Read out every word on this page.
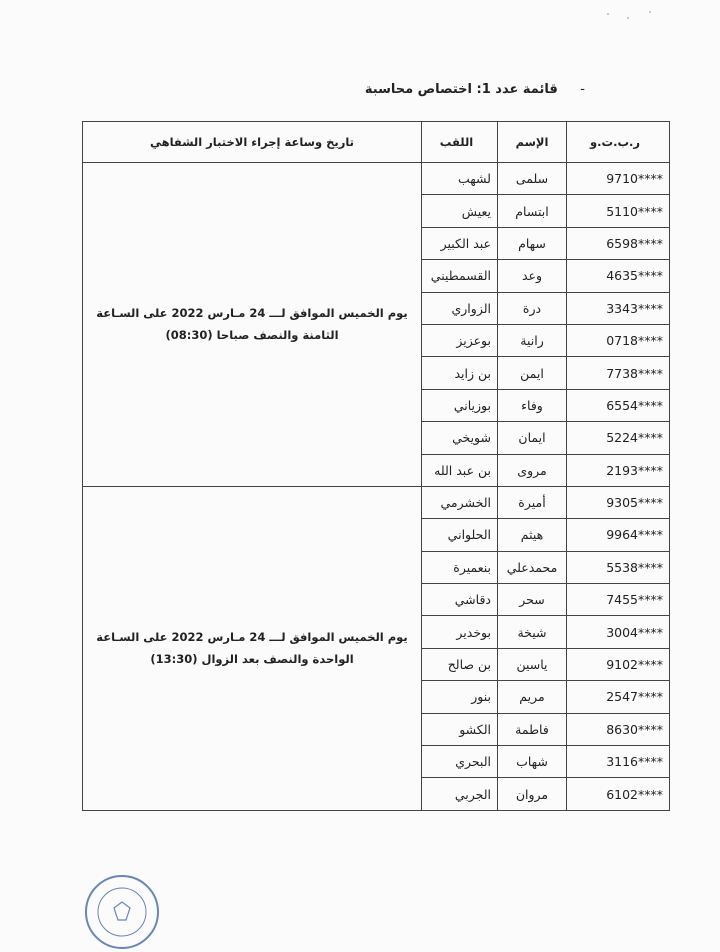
- قائمة عدد 1: اختصاص محاسبة
ر.ب.ت.و	الإسم	اللقب	تاريخ وساعة إجراء الاختبار الشفاهي
9710****	سلمى	لشهب	يوم الخميس الموافق لـــ 24 مـارس 2022 على السـاعة
الثامنة والنصف صباحا (08:30)

5110****	ابتسام	يعيش	
6598****	سهام	عبد الكبير	
4635****	وعد	القسمطيني	
3343****	درة	الزواري	
0718****	رانية	بوعزيز	
7738****	ايمن	بن زايد	
6554****	وفاء	بوزياني	
5224****	ايمان	شويخي	
2193****	مروى	بن عبد الله	
9305****	أميرة	الخشرمي	يوم الخميس الموافق لـــ 24 مـارس 2022 على السـاعة
الواحدة والنصف بعد الزوال (13:30)

9964****	هيثم	الحلواني	
5538****	محمدعلي	بنعميرة	
7455****	سحر	دقاشي	
3004****	شيخة	بوخدير	
9102****	ياسين	بن صالح	
2547****	مريم	بنور	
8630****	فاطمة	الكشو	
3116****	شهاب	البحري	
6102****	مروان	الجربي	
